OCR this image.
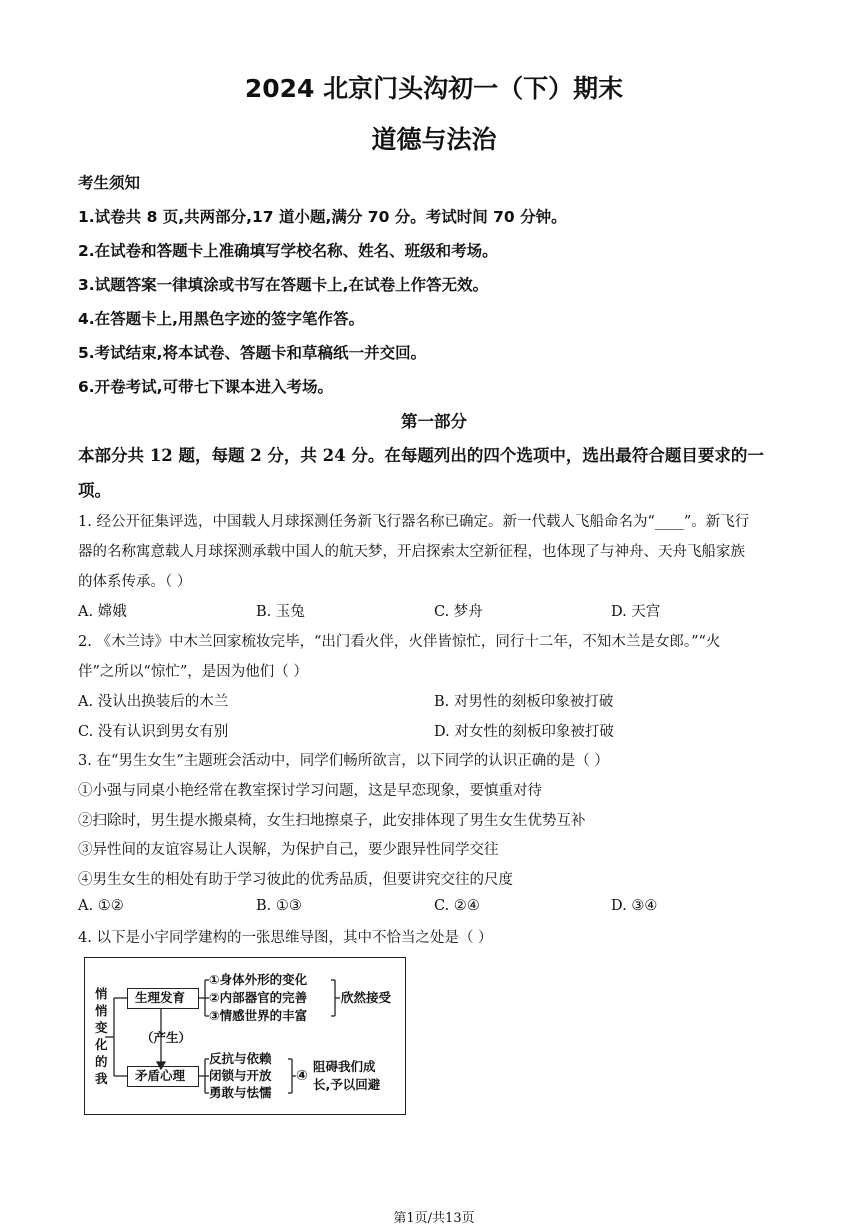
2024 北京门头沟初一（下）期末
道德与法治
考生须知
1.试卷共 8 页,共两部分,17 道小题,满分 70 分。考试时间 70 分钟。
2.在试卷和答题卡上准确填写学校名称、姓名、班级和考场。
3.试题答案一律填涂或书写在答题卡上,在试卷上作答无效。
4.在答题卡上,用黑色字迹的签字笔作答。
5.考试结束,将本试卷、答题卡和草稿纸一并交回。
6.开卷考试,可带七下课本进入考场。
第一部分
本部分共 12 题，每题 2 分，共 24 分。在每题列出的四个选项中，选出最符合题目要求的一
项。
1. 经公开征集评选，中国载人月球探测任务新飞行器名称已确定。新一代载人飞船命名为“____”。新飞行
器的名称寓意载人月球探测承载中国人的航天梦，开启探索太空新征程，也体现了与神舟、天舟飞船家族
的体系传承。（ ）
A. 嫦娥	B. 玉兔	C. 梦舟	D. 天宫
2. 《木兰诗》中木兰回家梳妆完毕，“出门看火伴，火伴皆惊忙，同行十二年，不知木兰是女郎。”“火
伴”之所以“惊忙”，是因为他们（ ）
A. 没认出换装后的木兰	B. 对男性的刻板印象被打破
C. 没有认识到男女有别	D. 对女性的刻板印象被打破
3. 在“男生女生”主题班会活动中，同学们畅所欲言，以下同学的认识正确的是（ ）
①小强与同桌小艳经常在教室探讨学习问题，这是早恋现象，要慎重对待
②扫除时，男生提水搬桌椅，女生扫地擦桌子，此安排体现了男生女生优势互补
③异性间的友谊容易让人误解，为保护自己，要少跟异性同学交往
④男生女生的相处有助于学习彼此的优秀品质，但要讲究交往的尺度
A. ①②	B. ①③	C. ②④	D. ③④
4. 以下是小宇同学建构的一张思维导图，其中不恰当之处是（ ）
悄
悄
变
化
的
我
生理发育
①身体外形的变化
②内部器官的完善
③情感世界的丰富
欣然接受
（产生）
矛盾心理
反抗与依赖
闭锁与开放
勇敢与怯懦
④
阻碍我们成
长,予以回避
第1页/共13页
